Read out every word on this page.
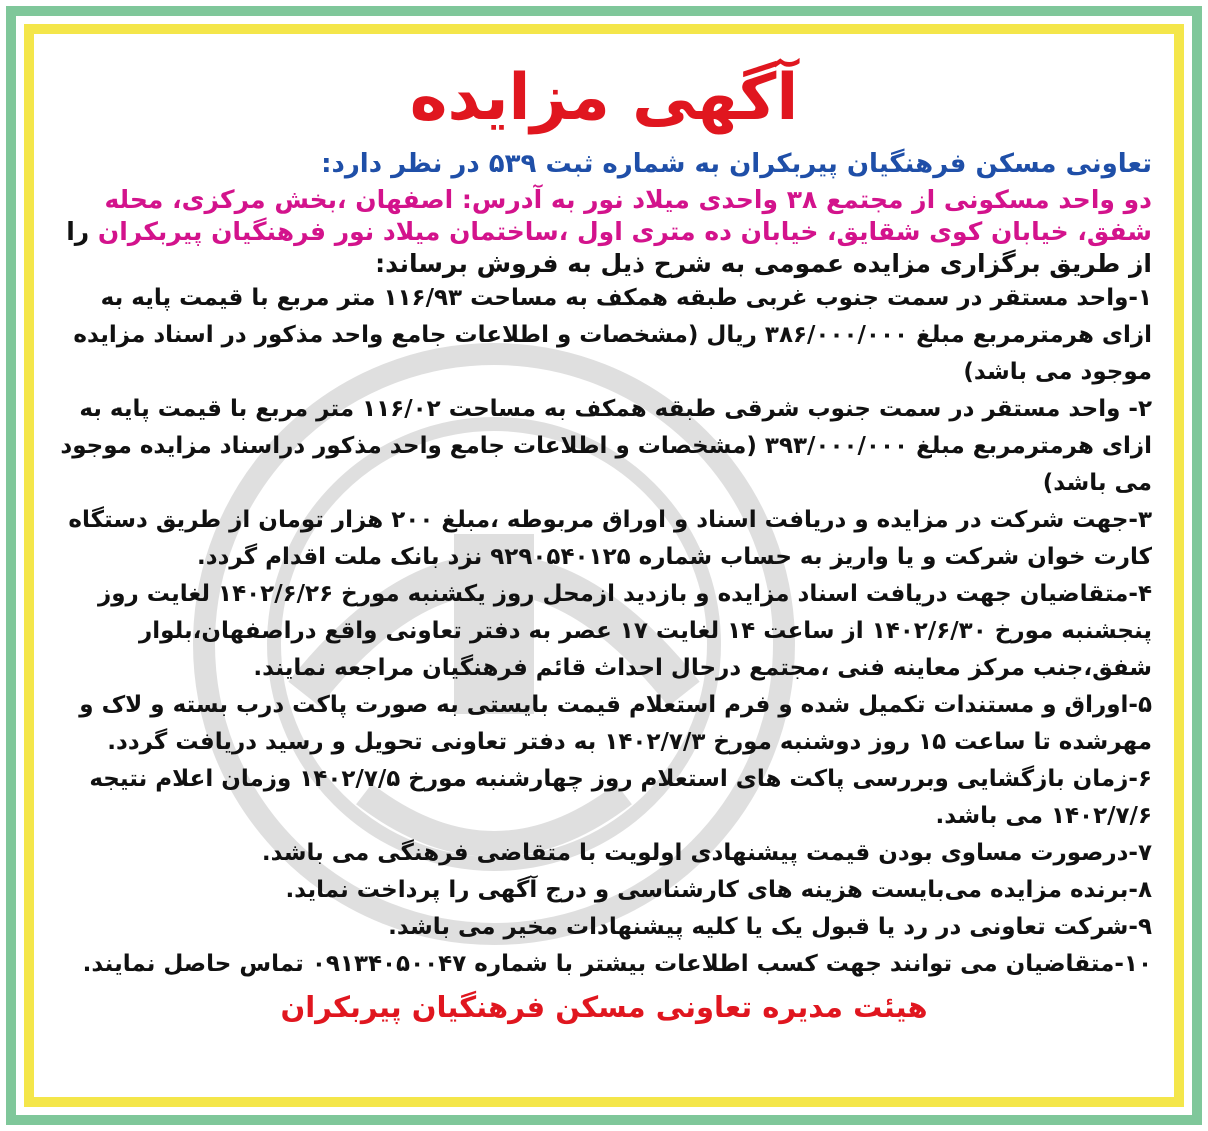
آگهی مزایده

تعاونی مسکن فرهنگیان پیربکران به شماره ثبت ۵۳۹ در نظر دارد:

دو واحد مسکونی از مجتمع ۳۸ واحدی میلاد نور به آدرس: اصفهان ،بخش مرکزی، محله شفق، خیابان کوی شقایق، خیابان ده متری اول ،ساختمان میلاد نور فرهنگیان پیربکران را از طریق برگزاری مزایده عمومی به شرح ذیل به فروش برساند:

۱-واحد مستقر در سمت جنوب غربی طبقه همکف به مساحت ۱۱۶/۹۳ متر مربع با قیمت پایه به ازای هرمترمربع مبلغ ۳۸۶/۰۰۰/۰۰۰ ریال (مشخصات و اطلاعات جامع واحد مذکور در اسناد مزایده موجود می باشد)
۲- واحد مستقر در سمت جنوب شرقی طبقه همکف به مساحت ۱۱۶/۰۲ متر مربع با قیمت پایه به ازای هرمترمربع مبلغ ۳۹۳/۰۰۰/۰۰۰ (مشخصات و اطلاعات جامع واحد مذکور دراسناد مزایده موجود می باشد)
۳-جهت شرکت در مزایده و دریافت اسناد و اوراق مربوطه ،مبلغ ۲۰۰ هزار تومان از طریق دستگاه کارت خوان شرکت و یا واریز به حساب شماره ۹۲۹۰۵۴۰۱۲۵ نزد بانک ملت اقدام گردد.
۴-متقاضیان جهت دریافت اسناد مزایده و بازدید ازمحل روز یکشنبه مورخ ۱۴۰۲/۶/۲۶ لغایت روز پنجشنبه مورخ ۱۴۰۲/۶/۳۰ از ساعت ۱۴ لغایت ۱۷ عصر به دفتر تعاونی واقع دراصفهان،بلوار شفق،جنب مرکز معاینه فنی ،مجتمع درحال احداث قائم فرهنگیان مراجعه نمایند.
۵-اوراق و مستندات تکمیل شده و فرم استعلام قیمت بایستی به صورت پاکت درب بسته و لاک و مهرشده تا ساعت ۱۵ روز دوشنبه مورخ ۱۴۰۲/۷/۳ به دفتر تعاونی تحویل و رسید دریافت گردد.
۶-زمان بازگشایی وبررسی پاکت های استعلام روز چهارشنبه مورخ ۱۴۰۲/۷/۵ وزمان اعلام نتیجه ۱۴۰۲/۷/۶ می باشد.
۷-درصورت مساوی بودن قیمت پیشنهادی اولویت با متقاضی فرهنگی می باشد.
۸-برنده مزایده می‌بایست هزینه های کارشناسی و درج آگهی را پرداخت نماید.
۹-شرکت تعاونی در رد یا قبول یک یا کلیه پیشنهادات مخیر می باشد.
۱۰-متقاضیان می توانند جهت کسب اطلاعات بیشتر با شماره ۰۹۱۳۴۰۵۰۰۴۷ تماس حاصل نمایند.

هیئت مدیره تعاونی مسکن فرهنگیان پیربکران
